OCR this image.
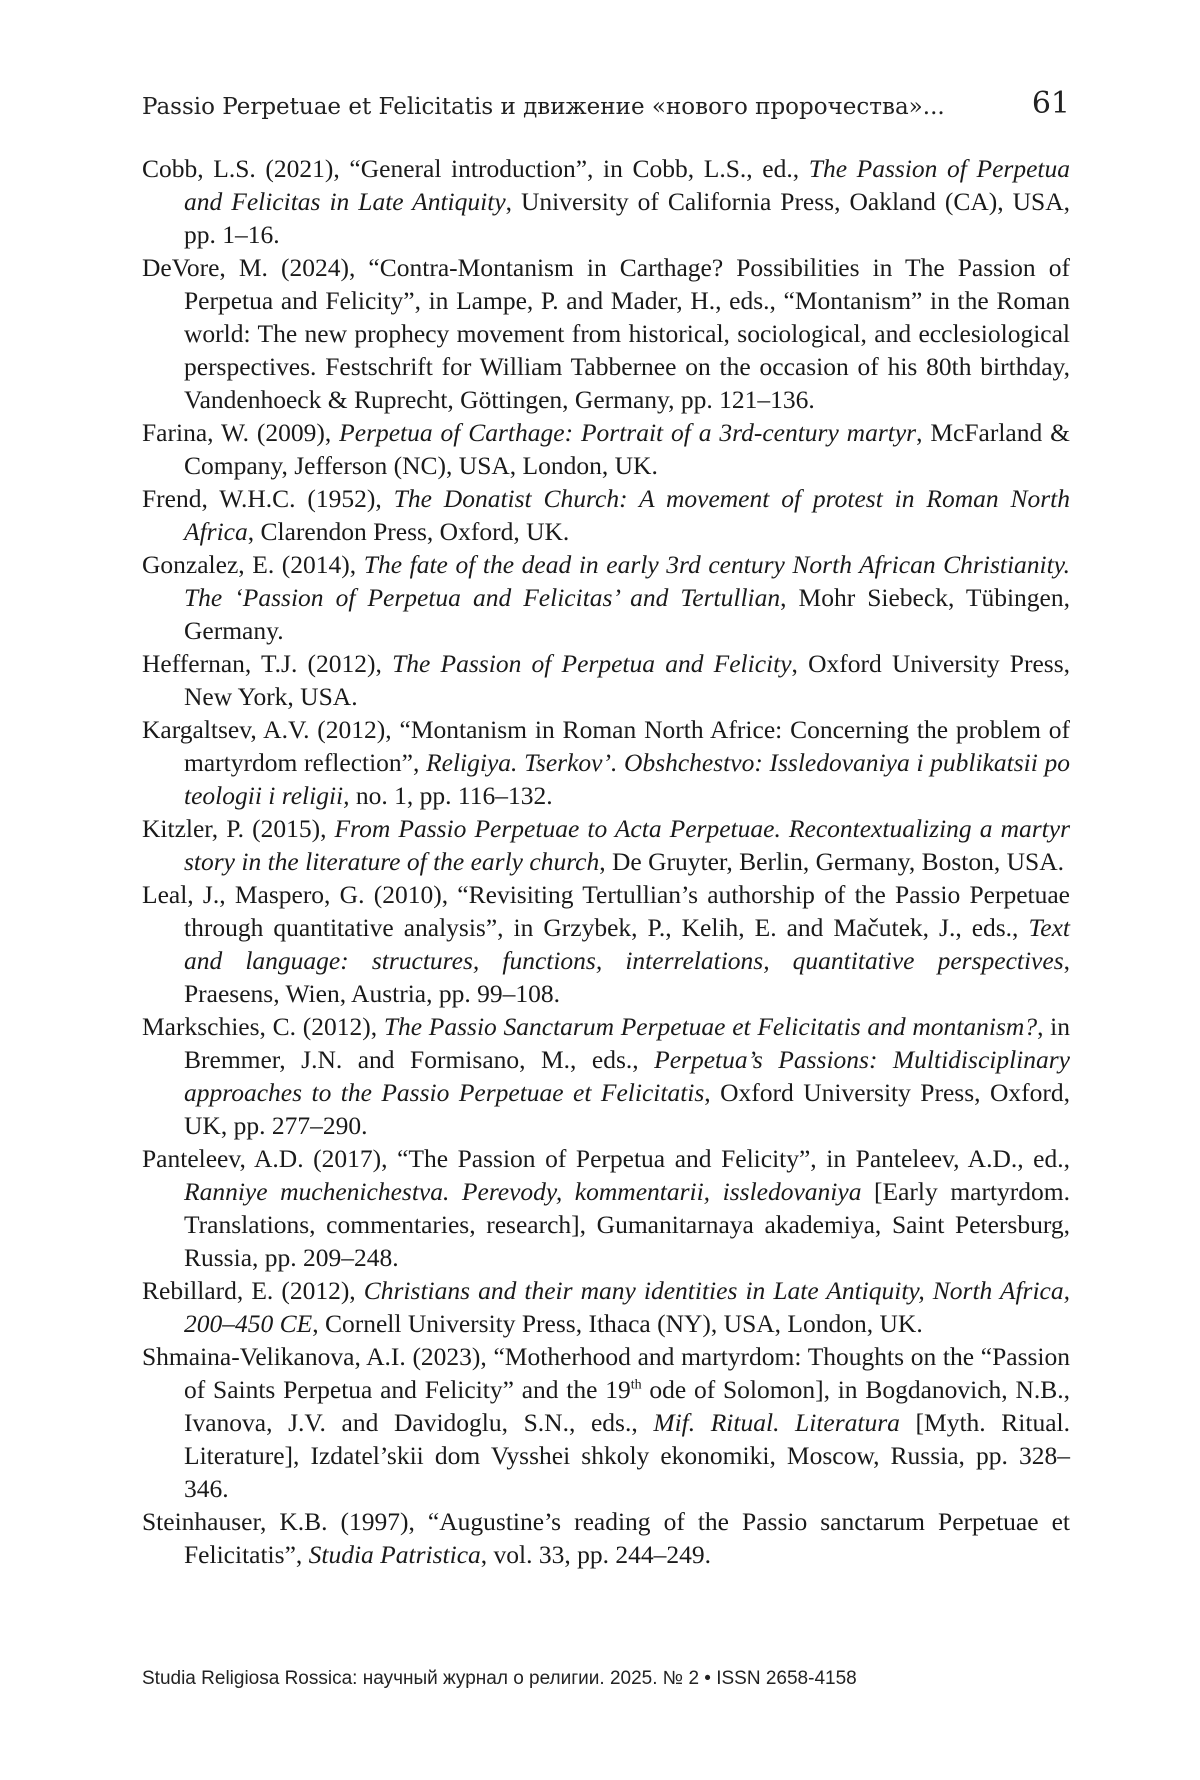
Passio Perpetuae et Felicitatis и движение «нового пророчества»...	61
Cobb, L.S. (2021), “General introduction”, in Cobb, L.S., ed., The Passion of Perpetua and Felicitas in Late Antiquity, University of California Press, Oakland (CA), USA, pp. 1–16.
DeVore, M. (2024), “Contra-Montanism in Carthage? Possibilities in The Passion of Perpetua and Felicity”, in Lampe, P. and Mader, H., eds., “Montanism” in the Roman world: The new prophecy movement from historical, sociological, and ecclesiological perspectives. Festschrift for William Tabbernee on the occasion of his 80th birthday, Vandenhoeck & Ruprecht, Göttingen, Germany, pp. 121–136.
Farina, W. (2009), Perpetua of Carthage: Portrait of a 3rd-century martyr, McFarland & Company, Jefferson (NC), USA, London, UK.
Frend, W.H.C. (1952), The Donatist Church: A movement of protest in Roman North Africa, Clarendon Press, Oxford, UK.
Gonzalez, E. (2014), The fate of the dead in early 3rd century North African Christianity. The ‘Passion of Perpetua and Felicitas’ and Tertullian, Mohr Siebeck, Tübingen, Germany.
Heffernan, T.J. (2012), The Passion of Perpetua and Felicity, Oxford University Press, New York, USA.
Kargaltsev, A.V. (2012), “Montanism in Roman North Africe: Concerning the problem of martyrdom reflection”, Religiya. Tserkov’. Obshchestvo: Issledovaniya i publikatsii po teologii i religii, no. 1, pp. 116–132.
Kitzler, P. (2015), From Passio Perpetuae to Acta Perpetuae. Recontextualizing a martyr story in the literature of the early church, De Gruyter, Berlin, Germany, Boston, USA.
Leal, J., Maspero, G. (2010), “Revisiting Tertullian’s authorship of the Passio Perpetuae through quantitative analysis”, in Grzybek, P., Kelih, E. and Mačutek, J., eds., Text and language: structures, functions, interrelations, quantitative perspectives, Praesens, Wien, Austria, pp. 99–108.
Markschies, C. (2012), The Passio Sanctarum Perpetuae et Felicitatis and montanism?, in Bremmer, J.N. and Formisano, M., eds., Perpetua’s Passions: Multidisciplinary approaches to the Passio Perpetuae et Felicitatis, Oxford University Press, Oxford, UK, pp. 277–290.
Panteleev, A.D. (2017), “The Passion of Perpetua and Felicity”, in Panteleev, A.D., ed., Ranniye muchenichestva. Perevody, kommentarii, issledovaniya [Early martyrdom. Translations, commentaries, research], Gumanitarnaya akademiya, Saint Petersburg, Russia, pp. 209–248.
Rebillard, E. (2012), Christians and their many identities in Late Antiquity, North Africa, 200–450 CE, Cornell University Press, Ithaca (NY), USA, London, UK.
Shmaina-Velikanova, A.I. (2023), “Motherhood and martyrdom: Thoughts on the “Passion of Saints Perpetua and Felicity” and the 19th ode of Solomon], in Bogdanovich, N.B., Ivanova, J.V. and Davidoglu, S.N., eds., Mif. Ritual. Literatura [Myth. Ritual. Literature], Izdatel’skii dom Vysshei shkoly ekonomiki, Moscow, Russia, pp. 328–346.
Steinhauser, K.B. (1997), “Augustine’s reading of the Passio sanctarum Perpetuae et Felicitatis”, Studia Patristica, vol. 33, pp. 244–249.
Studia Religiosa Rossica: научный журнал о религии. 2025. № 2 • ISSN 2658-4158
